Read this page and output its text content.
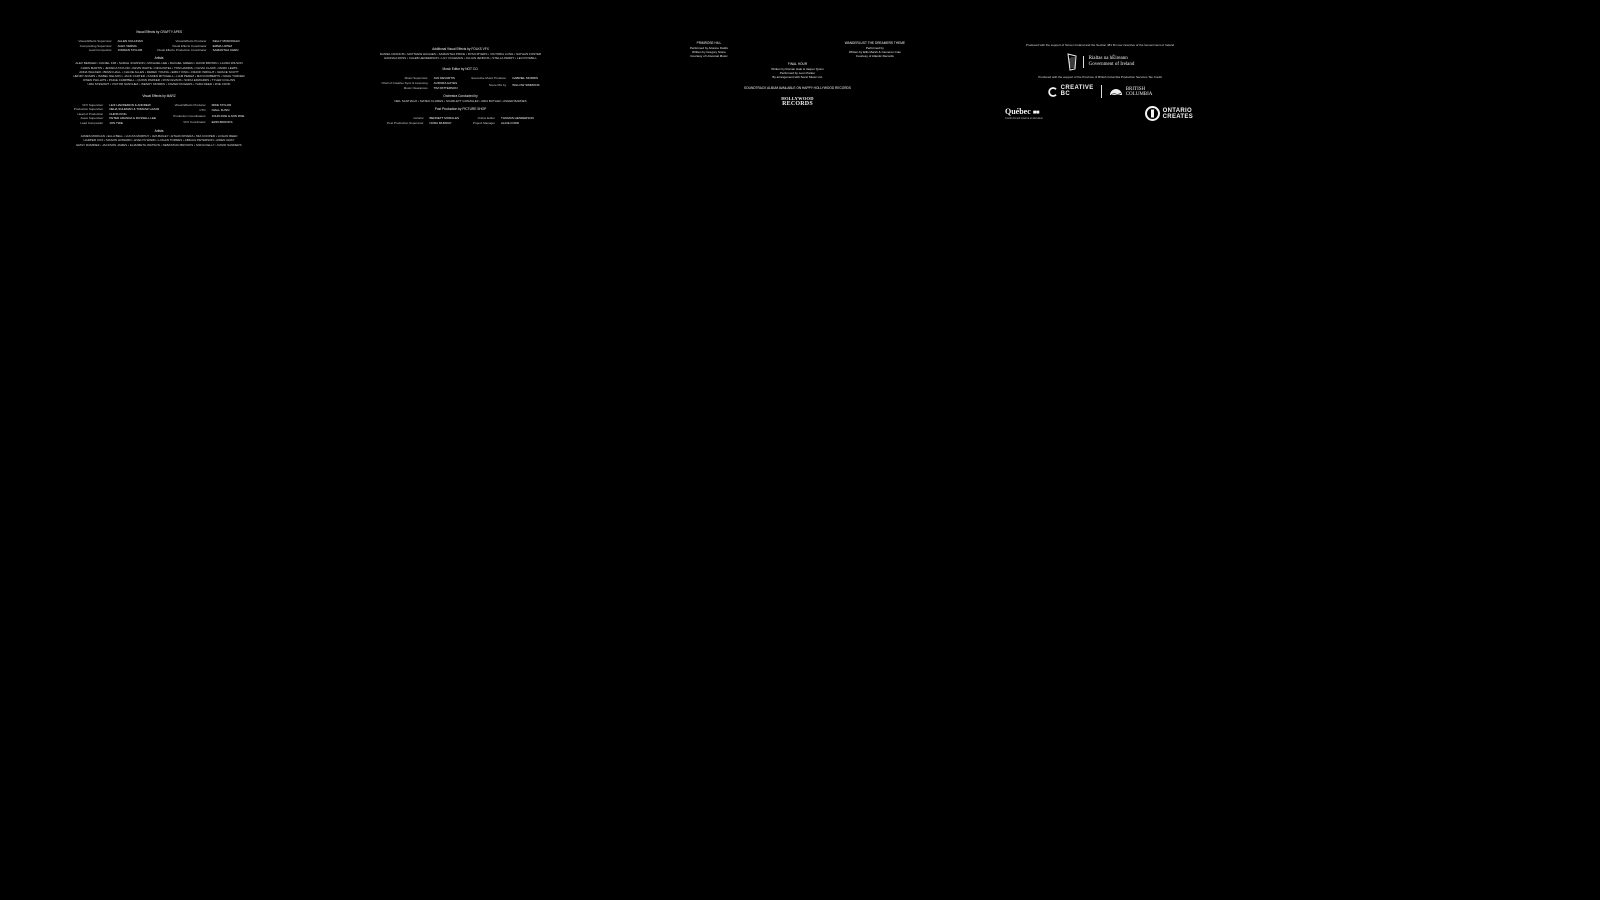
Visual Effects by CRAFTY APES
Visual Effects Supervisor ALLEN CULLINAN
Compositing Supervisor ALEX VERMA
Lead Compositor JORDAN TAYLOR
Visual Effects Producer KELLY MCDONALD
Visual Effects Coordinator EMMA LOPEZ
Visual Effects Production Coordinator SAMANTHA CHEN
Artists
ALEX BERGER • DANIEL KIM • SARAH JOHNSON • MICHAEL LEE • RACHEL GREEN • DAVID BROWN • LAURA WILSON
CHRIS MARTIN • JESSICA TAYLOR • KEVIN WHITE • NINA PATEL • TOM HARRIS • OLIVIA CLARK • MARK LEWIS
ANNA WALKER • BRIAN HALL • CHLOE ALLEN • DEREK YOUNG • EMILY KING • FRANK WRIGHT • GRACE SCOTT
HENRY ADAMS • ISABEL NELSON • JACK CARTER • KAREN MITCHELL • LIAM PEREZ • MAYA ROBERTS • NOAH TURNER
OWEN PHILLIPS • PAIGE CAMPBELL • QUINN PARKER • RYAN EVANS • SOFIA EDWARDS • TYLER COLLINS
UMA STEWART • VICTOR SANCHEZ • WENDY MORRIS • XAVIER ROGERS • YARA REED • ZOE COOK
Visual Effects by MARZ
VFX Supervisor LEIF HARDEMON & ANDREW
Production Supervisor NEHA SULEMAN & TOMASZ LAZAR
Head of Production CHRIS KING
Asset Supervisor PETER ARANDA & RUSSELL LEE
Lead Compositor JON TIRE
Visual Effects Producer MIKE TAYLOR
CTO NIALL FLINN
Production Coordinators JOHN DOE & ANN ROE
VFX Coordinator ERIN BROOKS
Artists
JAMES MORGAN • ELLA BELL • LUCAS MURPHY • AVA BAILEY • ETHAN RIVERA • MIA COOPER • LOGAN REED
HARPER COX • MASON HOWARD • EVELYN WARD • LOGAN TORRES • ABIGAIL PETERSON • AIDEN GRAY
EMILY RAMIREZ • JACKSON JAMES • ELIZABETH WATSON • SEBASTIAN BROOKS • SOFIA KELLY • DAVID SANDERS
Additional Visual Effects by FOLKS VFX
DANIEL FRANCIS • MATTHEW HUGHES • SAMANTHA PRICE • RYAN MYERS • VICTORIA LONG • NATHAN FOSTER
HANNAH ROSS • CALEB HENDERSON • LILY COLEMAN • JULIAN JENKINS • STELLA PERRY • LEVI POWELL
Music Editor by NOT CO.
Music Supervisor JAN DEVARTIS
Chief of Creative Sync & Licensing AURORA HAYES
Music Clearances TIM PATTERSON
Executive Music Producer GABRIEL MORRIS
Score Mix by WILLOW SIMMONS
Orchestra Conducted by
NEIL SANTIAGO • MATEO FLORES • SCARLETT GONZALEZ • ARIA BUTLER • ASHER BARNES
Post Production by PICTURE SHOP
Colorist BENNETT MORALES
Post Production Supervisor NORA MURRAY
Online Editor THOMAS HENDERSON
Project Manager ALICE FORD
PRIMROSE HILL
Performed by Arianne Fields
Written by Gregory Stone
Courtesy of Universal Music
WANDERLUST THE DREAMERS THEME
Performed by
Written by Ellis Marsh & Cameron Cole
Courtesy of Atlantic Records
FINAL HOUR
Written by Roman Hale & Jasper Quinn
Performed by Leon Parker
By arrangement with Sonic Music Ltd.
SOUNDTRACK ALBUM AVAILABLE ON HAPPY HOLLYWOOD RECORDS
HOLLYWOOD
RECORDS
Produced with the support of Screen Ireland and the Section 481 film tax incentive of the Government of Ireland
Rialtas na hÉireann
Government of Ireland
Produced with the support of the Province of British Columbia Production Services Tax Credit
CREATIVE
BC
BRITISH
COLUMBIA
Québec ■■
Crédit d'impôt cinéma et télévision
ONTARIO
CREATES
